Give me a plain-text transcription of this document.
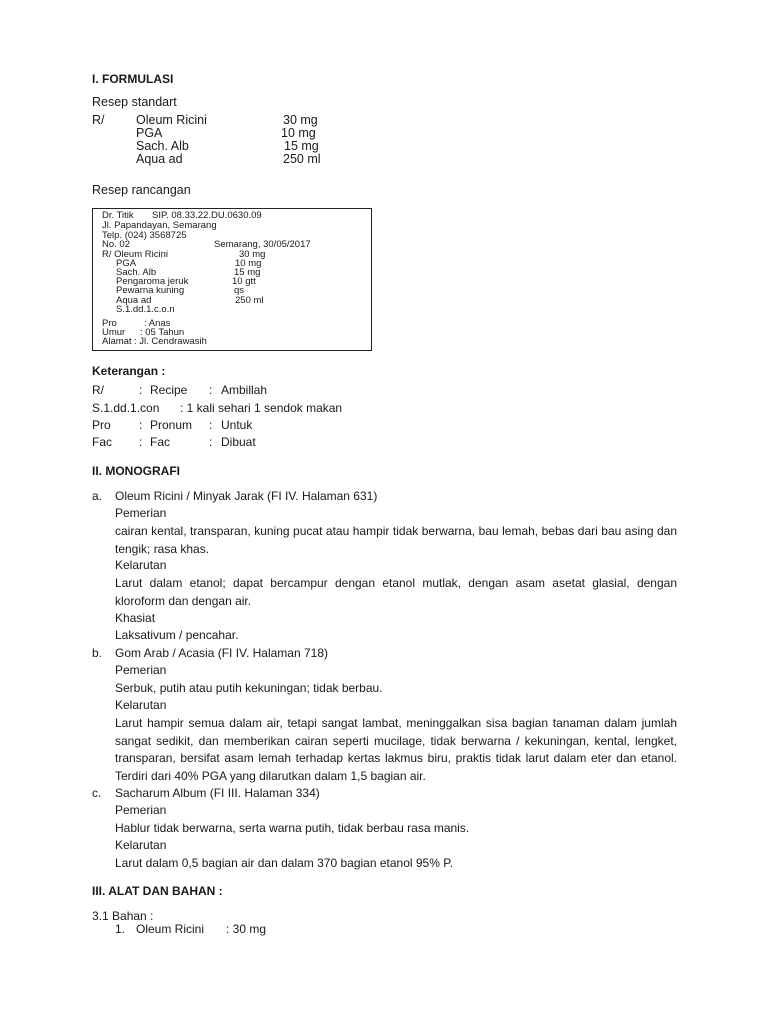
I. FORMULASI
Resep standart
R/	Oleum Ricini	30 mg
PGA	10 mg
Sach. Alb	15 mg
Aqua ad	250 ml
Resep rancangan
Dr. Titik SIP. 08.33.22.DU.0630.09
Jl. Papandayan, Semarang
Telp. (024) 3568725
No. 02	Semarang, 30/05/2017
R/ Oleum Ricini	30 mg
PGA	10 mg
Sach. Alb	15 mg
Pengaroma jeruk	10 gtt
Pewarna kuning	qs
Aqua ad	250 ml
S.1.dd.1.c.o.n
Pro	: Anas
Umur : 05 Tahun
Alamat : Jl. Cendrawasih
Keterangan :
R/	: Recipe : Ambillah
S.1.dd.1.con : 1 kali sehari 1 sendok makan
Pro : Pronum : Untuk
Fac : Fac	: Dibuat
II. MONOGRAFI
a. Oleum Ricini / Minyak Jarak (FI IV. Halaman 631)
Pemerian
cairan kental, transparan, kuning pucat atau hampir tidak berwarna, bau lemah, bebas dari bau asing dan tengik; rasa khas.
Kelarutan
Larut dalam etanol; dapat bercampur dengan etanol mutlak, dengan asam asetat glasial, dengan kloroform dan dengan air.
Khasiat
Laksativum / pencahar.
b. Gom Arab / Acasia (FI IV. Halaman 718)
Pemerian
Serbuk, putih atau putih kekuningan; tidak berbau.
Kelarutan
Larut hampir semua dalam air, tetapi sangat lambat, meninggalkan sisa bagian tanaman dalam jumlah sangat sedikit, dan memberikan cairan seperti mucilage, tidak berwarna / kekuningan, kental, lengket, transparan, bersifat asam lemah terhadap kertas lakmus biru, praktis tidak larut dalam eter dan etanol. Terdiri dari 40% PGA yang dilarutkan dalam 1,5 bagian air.
c. Sacharum Album (FI III. Halaman 334)
Pemerian
Hablur tidak berwarna, serta warna putih, tidak berbau rasa manis.
Kelarutan
Larut dalam 0,5 bagian air dan dalam 370 bagian etanol 95% P.
III. ALAT DAN BAHAN :
3.1 Bahan :
1. Oleum Ricini : 30 mg
